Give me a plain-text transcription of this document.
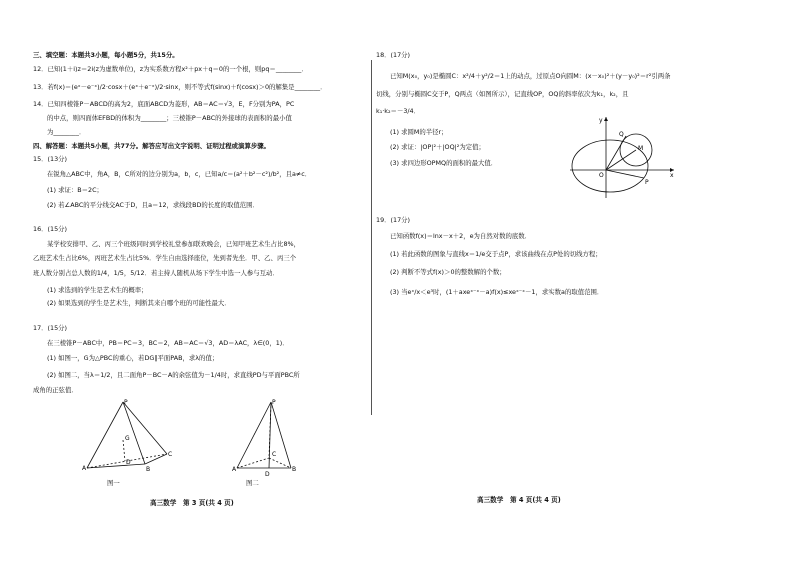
三、填空题：本题共3小题，每小题5分，共15分。
12．已知(1＋i)z＝2i(z为虚数单位)，z为实系数方程x²＋px＋q＝0的一个根，则pq＝________．
13．若f(x)＝(eˣ－e⁻ˣ)/2·cosx＋(eˣ＋e⁻ˣ)/2·sinx，则不等式f(sinx)＋f(cosx)＞0的解集是________．
14．已知四棱锥P－ABCD的高为2，底面ABCD为菱形，AB＝AC＝√3，E，F分别为PA，PC
的中点，则四面体EFBD的体积为________；三棱锥P－ABC的外接球的表面积的最小值
为________．
四、解答题：本题共5小题，共77分。解答应写出文字说明、证明过程或演算步骤。
15．(13分)
在锐角△ABC中，角A，B，C所对的边分别为a，b，c，已知a/c＝(a²＋b²－c²)/b²，且a≠c．
(1) 求证：B＝2C；
(2) 若∠ABC的平分线交AC于D，且a＝12，求线段BD的长度的取值范围．
16．(15分)
某学校安排甲、乙、丙三个班级同时到学校礼堂参加联欢晚会，已知甲班艺术生占比8%，
乙班艺术生占比6%，丙班艺术生占比5%．学生自由选择座位，先到者先坐．甲、乙、丙三个
班人数分别占总人数的1/4，1/5，5/12．若主持人随机从场下学生中选一人参与互动．
(1) 求选到的学生是艺术生的概率；
(2) 如果选到的学生是艺术生，判断其来自哪个班的可能性最大．
17．(15分)
在三棱锥P－ABC中，PB＝PC＝3，BC＝2，AB＝AC＝√3，AD＝λAC，λ∈(0，1)．
(1) 如图一，G为△PBC的重心，若DG∥平面PAB，求λ的值；
(2) 如图二，当λ＝1/2，且二面角P－BC－A的余弦值为－1/4时，求直线PD与平面PBC所
成角的正弦值．
P
A	B
C
D
G
图一
P
A	B
D
C
图二
高三数学　第 3 页(共 4 页)
18．(17分)
已知M(x₀，y₀)是椭圆C：x²/4＋y²/2＝1上的动点，过原点O向圆M：(x－x₀)²＋(y－y₀)²＝r²引两条
切线，分别与椭圆C交于P，Q两点（如图所示），记直线OP，OQ的斜率依次为k₁，k₂，且
k₁·k₂＝－3/4．
(1) 求圆M的半径r；
(2) 求证：|OP|²＋|OQ|²为定值；
(3) 求四边形OPMQ的面积的最大值．
x
y
O
Q
M
P
19．(17分)
已知函数f(x)＝lnx－x＋2，e为自然对数的底数．
(1) 若此函数的图象与直线x＝1/e交于点P，求该曲线在点P处的切线方程；
(2) 判断不等式f(x)＞0的整数解的个数；
(3) 当eˣ/x＜e³时，(1＋axeˣ⁻ˣ－a)f(x)≤xeˣ⁻ˣ－1，求实数a的取值范围．
高三数学　第 4 页(共 4 页)
